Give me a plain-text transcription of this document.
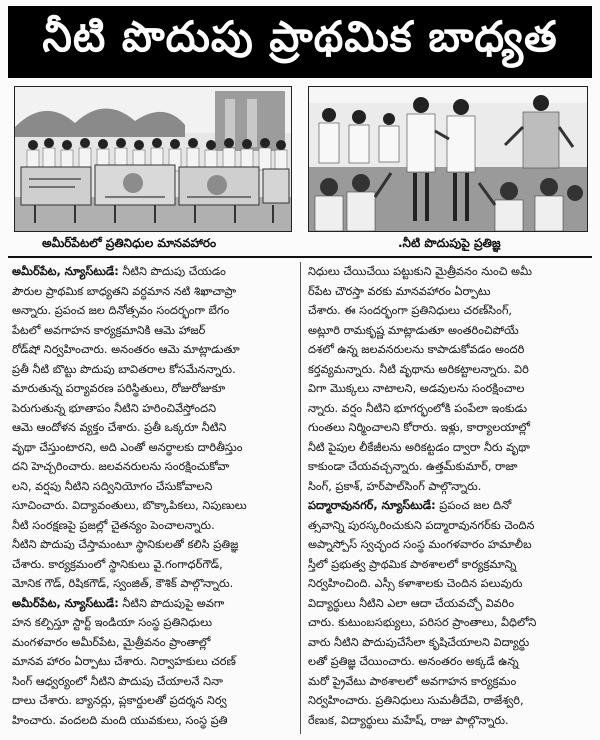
నీటి పొదుపు ప్రాథమిక బాధ్యత
అమీర్‌పేటలో ప్రతినిధుల మానవహారం	.నీటి పొదుపుపై ప్రతిజ్ఞ
అమీర్‌పేట, న్యూస్‌టుడే: నీటిని పొదుపు చేయడం
పౌరుల ప్రాథమిక బాధ్యతని వర్ధమాన నటి శిఖాచాప్రా
అన్నారు. ప్రపంచ జల దినోత్సవం సందర్భంగా బేగం
పేటలో అవగాహన కార్యక్రమానికి ఆమె హాజర్
రోడ్‌షో నిర్వహించారు. అనంతరం ఆమె మాట్లాడుతూ
ప్రతీ నీటి బొట్టు పొదుపు బావితరాల కోసమేనన్నారు.
మారుతున్న పర్యావరణ పరిస్థితులు, రోజురోజుకూ
పెరుగుతున్న భూతాపం నీటిని హరించివేస్తోందని
ఆమె ఆందోళన వ్యక్తం చేశారు. ప్రతీ ఒక్కరూ నీటిని
వృథా చేస్తుంటారని, అది ఎంతో అనర్థాలకు దారితీస్తుం
దని హెచ్చరించారు. జలవనరులను సంరక్షించుకోవా
లని, వర్షపు నీటిని సద్వినియోగం చేసుకోవాలని
సూచించారు. విద్యావంతులు, బొక్కాపికలు, నిపుణులు
నీటి సంరక్షణపై ప్రజల్లో చైతన్యం పెంచాలన్నారు.
నీటిని పొదుపు చేస్తామంటూ స్థానికులతో కలిసి ప్రతిజ్ఞ
చేశారు. కార్యక్రమంలో స్థానికులు వై.గంగాధర్‌గౌడ్,
మోనిక గౌడ్, రిషికగౌడ్, స్వంజిత్, కౌశిక్ పాల్గొన్నారు.
అమీర్‌పేట, న్యూస్‌టుడే: నీటిని పొదుపుపై అవగా
హన కల్పిస్తూ స్టార్ట్ ఇండియా సంస్థ ప్రతినిధులు
మంగళవారం అమీర్‌పేట, మైత్రీవనం ప్రాంతాల్లో
మానవ హారం ఏర్పాటు చేశారు. నిర్వాహకులు చరణ్
సింగ్ ఆధ్వర్యంలో నీటిని పొదుపు చేయాలనే నినా
దాలు చేశారు. బ్యానర్లు, ప్లకార్డులతో ప్రదర్శన నిర్వ
హించారు. వందలది మంది యువకులు, సంస్థ ప్రతి
నిధులు చేయిచేయి పట్టుకుని మైత్రీవనం నుంచి అమీ
ర్‌పేట చౌరస్తా వరకు మానవహారం ఏర్పాటు
చేశారు. ఈ సందర్భంగా ప్రతినిధులు చరణ్‌సింగ్,
అట్లూరి రామకృష్ణ మాట్లాడుతూ అంతరించిపోయే
దశలో ఉన్న జలవనరులను కాపాడుకోవడం అందరి
కర్తవ్యమన్నారు. నీటి వృథాను అరికట్టాలన్నారు. విరి
విగా మొక్కలు నాటాలని, అడవులను సంరక్షించాల
న్నారు. వర్షం నీటిని భూగర్భంలోకి పంపేలా ఇంకుడు
గుంతలు నిర్మించాలని కోరారు. ఇళ్లు, కార్యాలయాల్లో
నీటి పైపుల లీకేజీలను అరికట్టడం ద్వారా నీరు వృథా
కాకుండా చేయవచ్చన్నారు. ఉత్తమ్‌కుమార్, రాజా
సింగ్, ప్రకాశ్, హర్‌పాల్‌సింగ్ పాల్గొన్నారు.
పద్మారావునగర్, న్యూస్‌టుడే: ప్రపంచ జల దినో
త్సవాన్ని పురస్కరించుకుని పద్మారావునగర్‌కు చెందిన
అప్నాస్పోస్ స్వచ్ఛంద సంస్థ మంగళవారం హమాలీబ
స్తీలో ప్రభుత్వ ప్రాథమిక పాఠశాలలో కార్యక్రమాన్ని
నిర్వహించింది. ఎస్సీ కళాశాలకు చెందిన పలువురు
విద్యార్థులు నీటిని ఎలా ఆదా చేయవచ్చో వివరిం
చారు. కుటుంబసభ్యులు, పరిసర ప్రాంతాలు, వీధిలోని
వారు నీటిని పొదుపుచేసేలా కృషిచేయాలని విద్యార్థు
లతో ప్రతిజ్ఞ చేయించారు. అనంతరం అక్కడే ఉన్న
మరో ప్రైవేటు పాఠశాలలో అవగాహన కార్యక్రమం
నిర్వహించారు. ప్రతినిధులు సుమతీదేవి, రాజేశ్వరి,
రేణుక, విద్యార్థులు మహేష్, రాజు పాల్గొన్నారు.
